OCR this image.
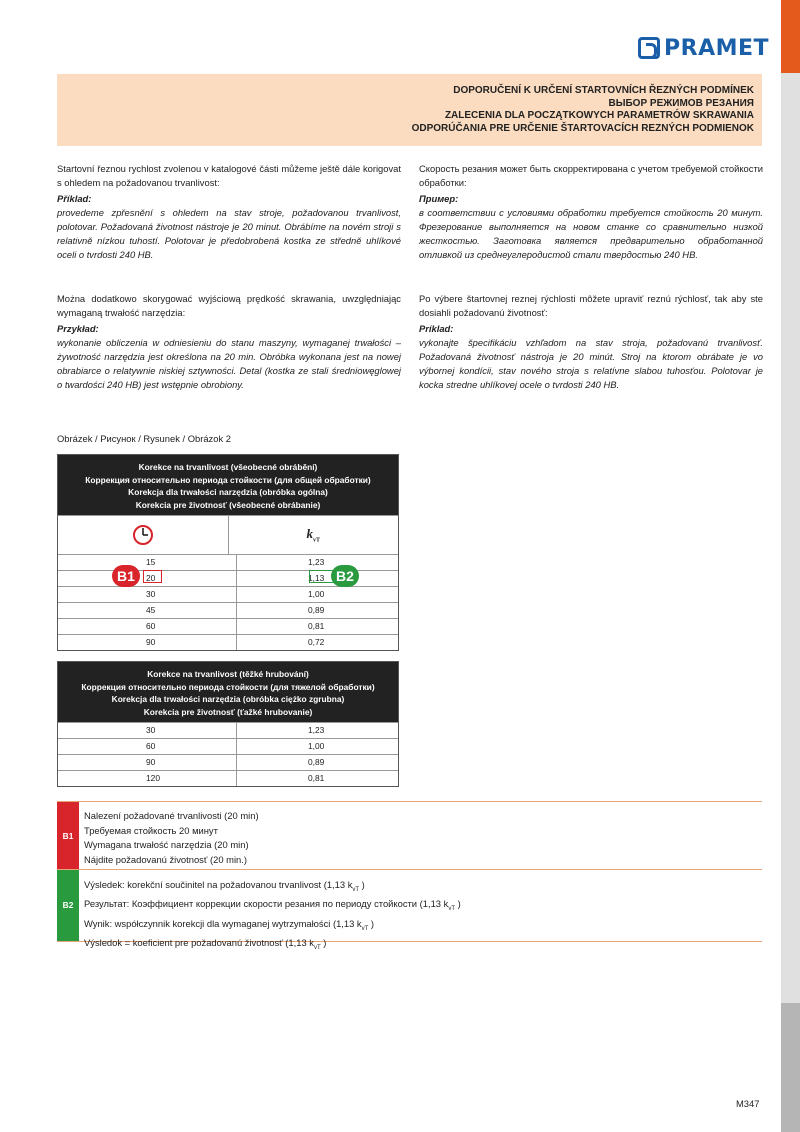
PRAMET
DOPORUČENÍ K URČENÍ STARTOVNÍCH ŘEZNÝCH PODMÍNEK
ВЫБОР РЕЖИМОВ РЕЗАНИЯ
ZALECENIA DLA POCZĄTKOWYCH PARAMETRÓW SKRAWANIA
ODPORÚČANIA PRE URČENIE ŠTARTOVACÍCH REZNÝCH PODMIENOK

Startovní řeznou rychlost zvolenou v katalogové části můžeme ještě dále korigovat s ohledem na požadovanou trvanlivost:

Příklad:

provedeme zpřesnění s ohledem na stav stroje, požadovanou trvanlivost, polotovar. Požadovaná životnost nástroje je 20 minut. Obrábíme na novém stroji s relativně nízkou tuhostí. Polotovar je předobrobená kostka ze středně uhlíkové oceli o tvrdosti 240 HB.

Скорость резания может быть скорректирована с учетом требуемой стойкости обработки:

Пример:

в соответствии с условиями обработки требуется стойкость 20 минут. Фрезерование выполняется на новом станке со сравнительно низкой жесткостью. Заготовка является предварительно обработанной отливкой из среднеуглеродистой стали твердостью 240 HB.

Można dodatkowo skorygować wyjściową prędkość skrawania, uwzględniając wymaganą trwałość narzędzia:

Przykład:

wykonanie obliczenia w odniesieniu do stanu maszyny, wymaganej trwałości – żywotność narzędzia jest określona na 20 min. Obróbka wykonana jest na nowej obrabiarce o relatywnie niskiej sztywności. Detal (kostka ze stali średniowęglowej o twardości 240 HB) jest wstępnie obrobiony.

Po výbere štartovnej reznej rýchlosti môžete upraviť reznú rýchlosť, tak aby ste dosiahli požadovanú životnosť:

Príklad:

vykonajte špecifikáciu vzhľadom na stav stroja, požadovanú trvanlivosť. Požadovaná životnosť nástroja je 20 minút. Stroj na ktorom obrábate je vo výbornej kondícii, stav nového stroja s relatívne slabou tuhosťou. Polotovar je kocka stredne uhlíkovej ocele o tvrdosti 240 HB.

Obrázek / Рисунок / Rysunek / Obrázok 2
Korekce na trvanlivost (všeobecné obrábění)
Коррекция относительно периода стойкости (для общей обработки)
Korekcja dla trwałości narzędzia (obróbka ogólna)
Korekcia pre životnosť (všeobecné obrábanie)
$k_{vT}$
15	1,23
20	1,13
30	1,00
45	0,89
60	0,81
90	0,72
B1	B2
Korekce na trvanlivost (těžké hrubování)
Коррекция относительно периода стойкости (для тяжелой обработки)
Korekcja dla trwałości narzędzia (obróbka ciężko zgrubna)
Korekcia pre životnosť (ťažké hrubovanie)
30	1,23
60	1,00
90	0,89
120	0,81
B1
Nalezení požadované trvanlivosti (20 min)
Требуемая стойкость 20 минут
Wymagana trwałość narzędzia (20 min)
Nájdite požadovanú životnosť (20 min.)
B2
Výsledek: korekční součinitel na požadovanou trvanlivost (1,13 $k_{vT}$ )
Результат: Коэффициент коррекции скорости резания по периоду стойкости (1,13 $k_{vT}$ )
Wynik: współczynnik korekcji dla wymaganej wytrzymałości (1,13 $k_{vT}$ )
Výsledok = koeficient pre požadovanú životnosť (1,13 $k_{vT}$ )
M347
